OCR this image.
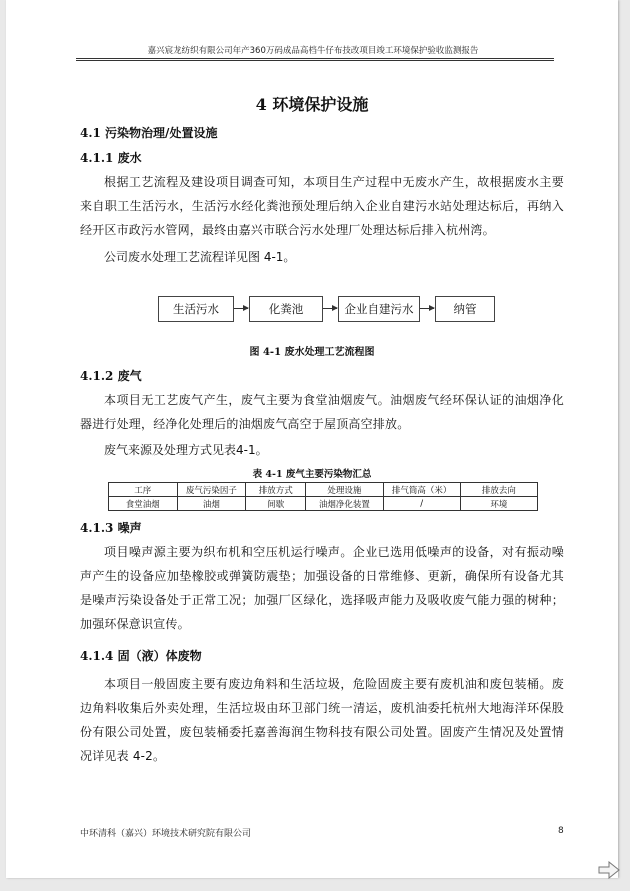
嘉兴宸龙纺织有限公司年产360万码成品高档牛仔布技改项目竣工环境保护验收监测报告
4 环境保护设施
4.1 污染物治理/处置设施
4.1.1 废水
根据工艺流程及建设项目调查可知，本项目生产过程中无废水产生，故根据废水主要来自职工生活污水，生活污水经化粪池预处理后纳入企业自建污水站处理达标后，再纳入经开区市政污水管网，最终由嘉兴市联合污水处理厂处理达标后排入杭州湾。
公司废水处理工艺流程详见图 4-1。
生活污水	化粪池	企业自建污水	纳管
图 4-1 废水处理工艺流程图
4.1.2 废气
本项目无工艺废气产生，废气主要为食堂油烟废气。油烟废气经环保认证的油烟净化器进行处理，经净化处理后的油烟废气高空于屋顶高空排放。
废气来源及处理方式见表4-1。
表 4-1 废气主要污染物汇总
工序	废气污染因子	排放方式	处理设施	排气筒高（米）	排放去向
食堂油烟	油烟	间歇	油烟净化装置	/	环境
4.1.3 噪声
项目噪声源主要为织布机和空压机运行噪声。企业已选用低噪声的设备，对有振动噪声产生的设备应加垫橡胶或弹簧防震垫；加强设备的日常维修、更新，确保所有设备尤其是噪声污染设备处于正常工况；加强厂区绿化，选择吸声能力及吸收废气能力强的树种；加强环保意识宣传。
4.1.4 固（液）体废物
本项目一般固废主要有废边角料和生活垃圾，危险固废主要有废机油和废包装桶。废边角料收集后外卖处理，生活垃圾由环卫部门统一清运，废机油委托杭州大地海洋环保股份有限公司处置，废包装桶委托嘉善海润生物科技有限公司处置。固废产生情况及处置情况详见表 4-2。
中环清科（嘉兴）环境技术研究院有限公司	8
